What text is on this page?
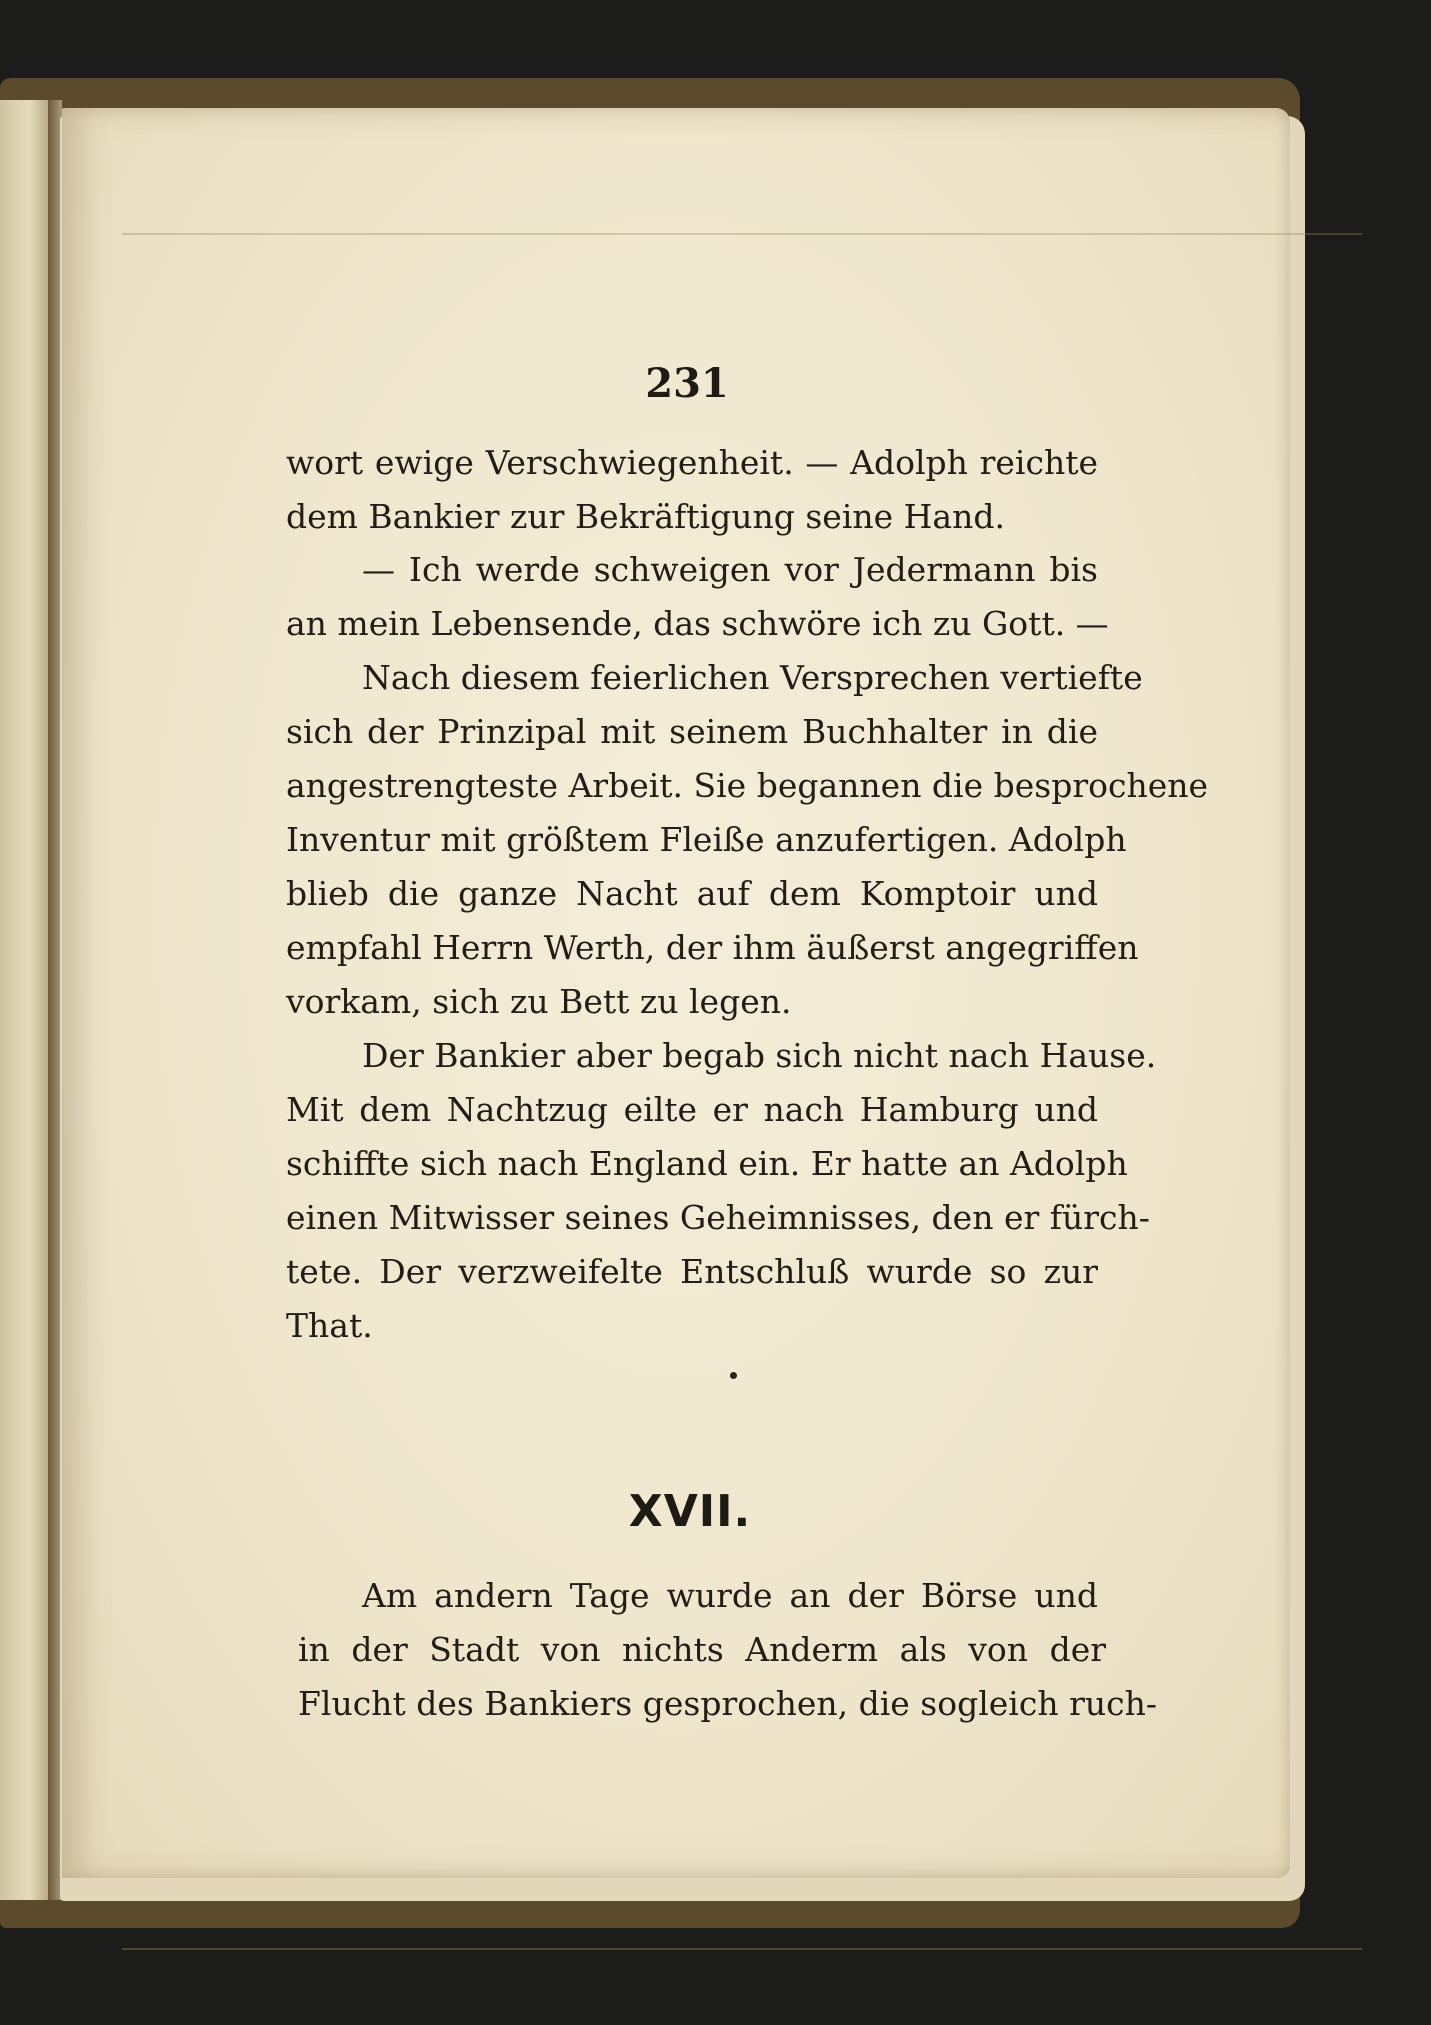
231
wort ewige Verschwiegenheit. — Adolph reichte
dem Bankier zur Bekräftigung seine Hand.
— Ich werde schweigen vor Jedermann bis
an mein Lebensende, das schwöre ich zu Gott. —
Nach diesem feierlichen Versprechen vertiefte
sich der Prinzipal mit seinem Buchhalter in die
angestrengteste Arbeit. Sie begannen die besprochene
Inventur mit größtem Fleiße anzufertigen. Adolph
blieb die ganze Nacht auf dem Komptoir und
empfahl Herrn Werth, der ihm äußerst angegriffen
vorkam, sich zu Bett zu legen.
Der Bankier aber begab sich nicht nach Hause.
Mit dem Nachtzug eilte er nach Hamburg und
schiffte sich nach England ein. Er hatte an Adolph
einen Mitwisser seines Geheimnisses, den er fürch-
tete. Der verzweifelte Entschluß wurde so zur
That.
XVII.
Am andern Tage wurde an der Börse und
in der Stadt von nichts Anderm als von der
Flucht des Bankiers gesprochen, die sogleich ruch-
